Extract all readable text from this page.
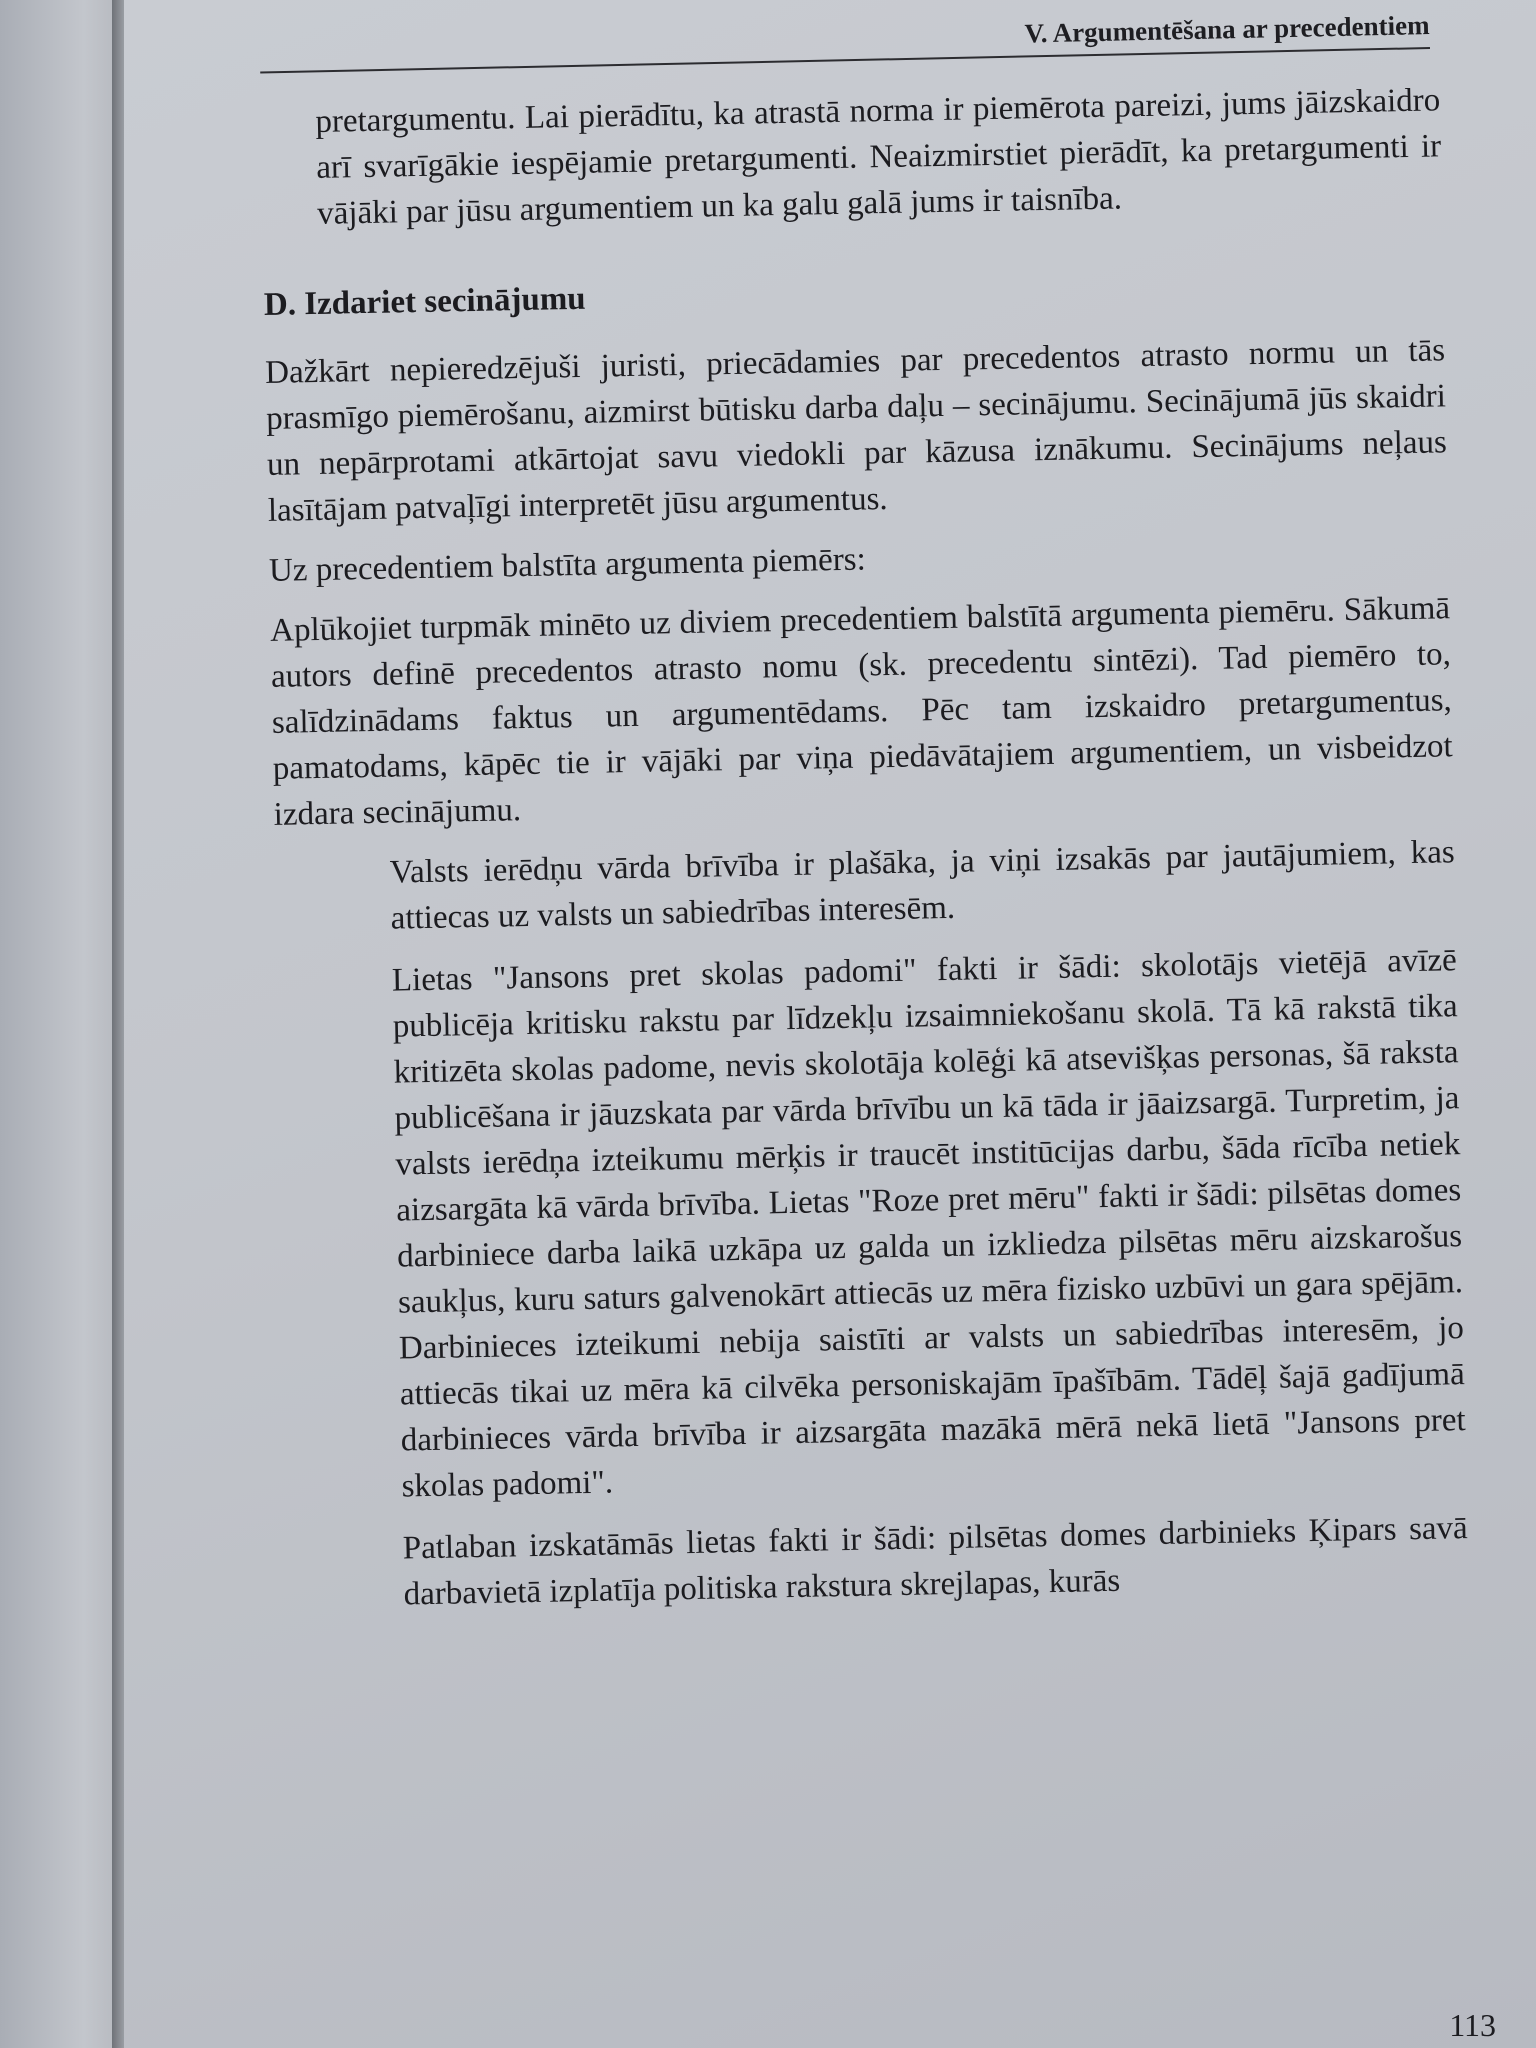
V. Argumentēšana ar precedentiem

pretargumentu. Lai pierādītu, ka atrastā norma ir piemērota pareizi, jums jāizskaidro arī svarīgākie iespējamie pretargumenti. Neaizmirstiet pierādīt, ka pretargumenti ir vājāki par jūsu argumentiem un ka galu galā jums ir taisnība.

D. Izdariet secinājumu

Dažkārt nepieredzējuši juristi, priecādamies par precedentos atrasto normu un tās prasmīgo piemērošanu, aizmirst būtisku darba daļu – secinājumu. Secinājumā jūs skaidri un nepārprotami atkārtojat savu viedokli par kāzusa iznākumu. Secinājums neļaus lasītājam patvaļīgi interpretēt jūsu argumentus.

Uz precedentiem balstīta argumenta piemērs:

Aplūkojiet turpmāk minēto uz diviem precedentiem balstītā argumenta piemēru. Sākumā autors definē precedentos atrasto nomu (sk. precedentu sintēzi). Tad piemēro to, salīdzinādams faktus un argumentēdams. Pēc tam izskaidro pretargumentus, pamatodams, kāpēc tie ir vājāki par viņa piedāvātajiem argumentiem, un visbeidzot izdara secinājumu.

Valsts ierēdņu vārda brīvība ir plašāka, ja viņi izsakās par jautājumiem, kas attiecas uz valsts un sabiedrības interesēm.

Lietas "Jansons pret skolas padomi" fakti ir šādi: skolotājs vietējā avīzē publicēja kritisku rakstu par līdzekļu izsaimniekošanu skolā. Tā kā rakstā tika kritizēta skolas padome, nevis skolotāja kolēģi kā atsevišķas personas, šā raksta publicēšana ir jāuzskata par vārda brīvību un kā tāda ir jāaizsargā. Turpretim, ja valsts ierēdņa izteikumu mērķis ir traucēt institūcijas darbu, šāda rīcība netiek aizsargāta kā vārda brīvība. Lietas "Roze pret mēru" fakti ir šādi: pilsētas domes darbiniece darba laikā uzkāpa uz galda un izkliedza pilsētas mēru aizskarošus saukļus, kuru saturs galvenokārt attiecās uz mēra fizisko uzbūvi un gara spējām. Darbinieces izteikumi nebija saistīti ar valsts un sabiedrības interesēm, jo attiecās tikai uz mēra kā cilvēka personiskajām īpašībām. Tādēļ šajā gadījumā darbinieces vārda brīvība ir aizsargāta mazākā mērā nekā lietā "Jansons pret skolas padomi".

Patlaban izskatāmās lietas fakti ir šādi: pilsētas domes darbinieks Ķipars savā darbavietā izplatīja politiska rakstura skrejlapas, kurās

113
